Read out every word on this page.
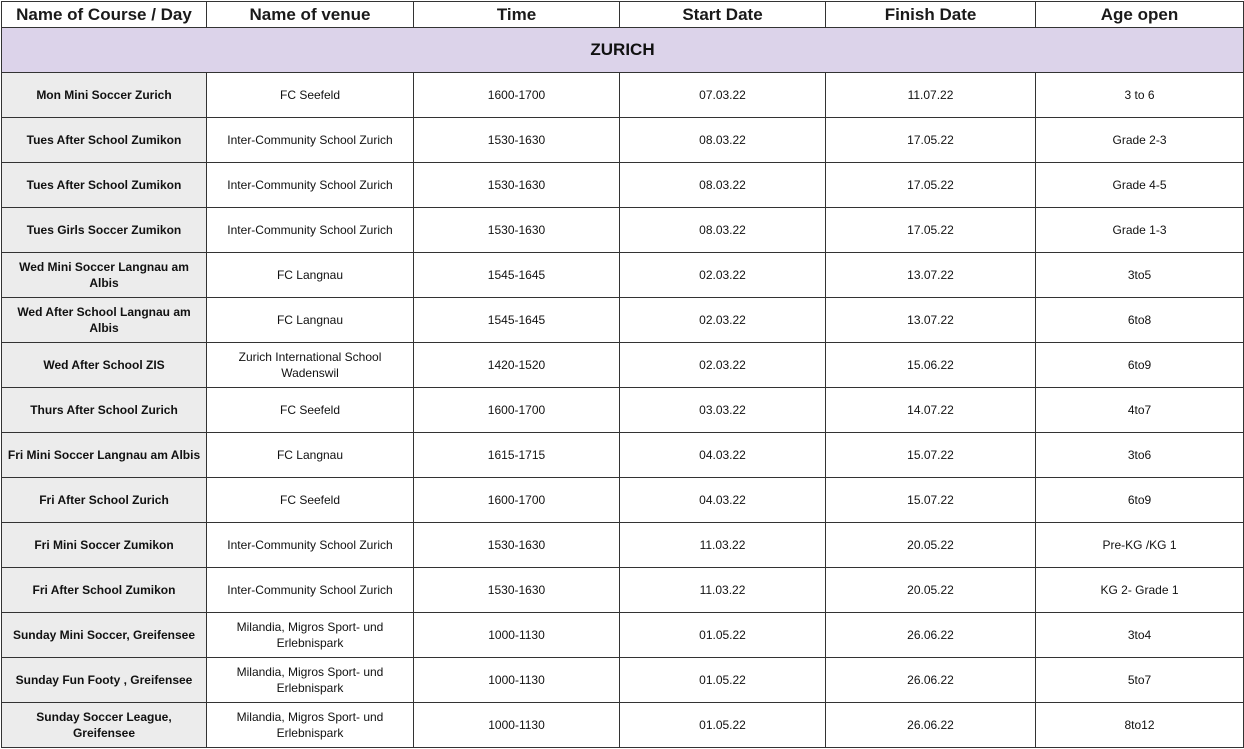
Name of Course / Day	Name of venue	Time	Start Date	Finish Date	Age open
ZURICH					
Mon Mini Soccer Zurich	FC Seefeld	1600-1700	07.03.22	11.07.22	3 to 6
Tues After School Zumikon	Inter-Community School Zurich	1530-1630	08.03.22	17.05.22	Grade 2-3
Tues After School Zumikon	Inter-Community School Zurich	1530-1630	08.03.22	17.05.22	Grade 4-5
Tues Girls Soccer Zumikon	Inter-Community School Zurich	1530-1630	08.03.22	17.05.22	Grade 1-3
Wed Mini Soccer Langnau am Albis	FC Langnau	1545-1645	02.03.22	13.07.22	3to5
Wed After School Langnau am Albis	FC Langnau	1545-1645	02.03.22	13.07.22	6to8
Wed After School ZIS	Zurich International School Wadenswil	1420-1520	02.03.22	15.06.22	6to9
Thurs After School Zurich	FC Seefeld	1600-1700	03.03.22	14.07.22	4to7
Fri Mini Soccer Langnau am Albis	FC Langnau	1615-1715	04.03.22	15.07.22	3to6
Fri After School Zurich	FC Seefeld	1600-1700	04.03.22	15.07.22	6to9
Fri Mini Soccer Zumikon	Inter-Community School Zurich	1530-1630	11.03.22	20.05.22	Pre-KG /KG 1
Fri After School Zumikon	Inter-Community School Zurich	1530-1630	11.03.22	20.05.22	KG 2- Grade 1
Sunday Mini Soccer, Greifensee	Milandia, Migros Sport- und Erlebnispark	1000-1130	01.05.22	26.06.22	3to4
Sunday Fun Footy , Greifensee	Milandia, Migros Sport- und Erlebnispark	1000-1130	01.05.22	26.06.22	5to7
Sunday Soccer League, Greifensee	Milandia, Migros Sport- und Erlebnispark	1000-1130	01.05.22	26.06.22	8to12
